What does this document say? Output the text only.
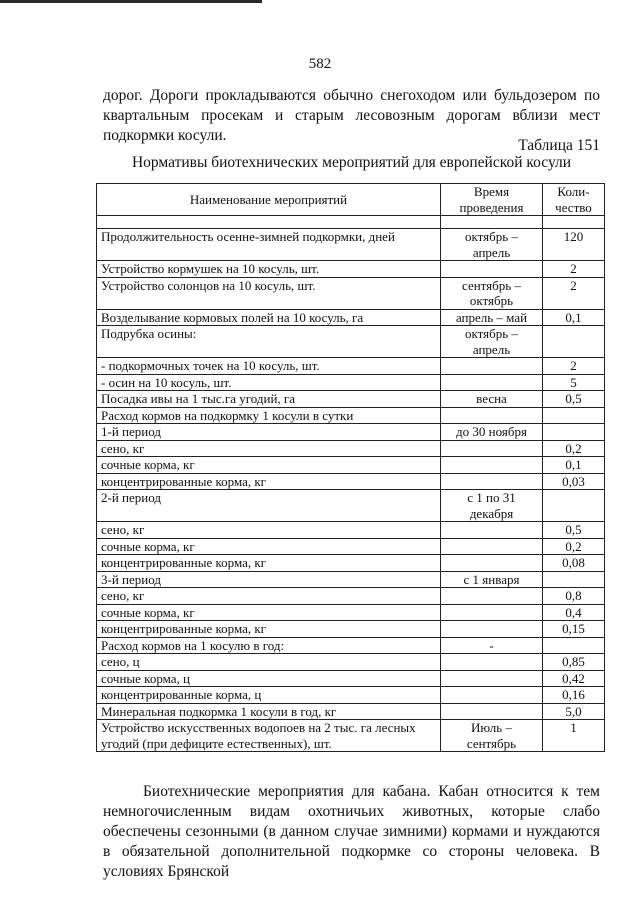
582

дорог. Дороги прокладываются обычно снегоходом или бульдозером по квартальным просекам и старым лесовозным дорогам вблизи мест подкормки косули.

Таблица 151
Нормативы биотехнических мероприятий для европейской косули
Наименование мероприятий	Время проведения	Коли-чество

Продолжительность осенне-зимней подкормки, дней	октябрь – апрель	120
Устройство кормушек на 10 косуль, шт.		2
Устройство солонцов на 10 косуль, шт.	сентябрь – октябрь	2
Возделывание кормовых полей на 10 косуль, га	апрель – май	0,1
Подрубка осины:	октябрь – апрель	
- подкормочных точек на 10 косуль, шт.		2
- осин на 10 косуль, шт.		5
Посадка ивы на 1 тыс.га угодий, га	весна	0,5
Расход кормов на подкормку 1 косули в сутки		
1-й период	до 30 ноября	
сено, кг		0,2
сочные корма, кг		0,1
концентрированные корма, кг		0,03
2-й период	с 1 по 31 декабря	
сено, кг		0,5
сочные корма, кг		0,2
концентрированные корма, кг		0,08
3-й период	с 1 января	
сено, кг		0,8
сочные корма, кг		0,4
концентрированные корма, кг		0,15
Расход кормов на 1 косулю в год:	-	
сено, ц		0,85
сочные корма, ц		0,42
концентрированные корма, ц		0,16
Минеральная подкормка 1 косули в год, кг		5,0
Устройство искусственных водопоев на 2 тыс. га лесных угодий (при дефиците естественных), шт.	Июль – сентябрь	1

Биотехнические мероприятия для кабана. Кабан относится к тем немногочисленным видам охотничьих животных, которые слабо обеспечены сезонными (в данном случае зимними) кормами и нуждаются в обязательной дополнительной подкормке со стороны человека. В условиях Брянской
